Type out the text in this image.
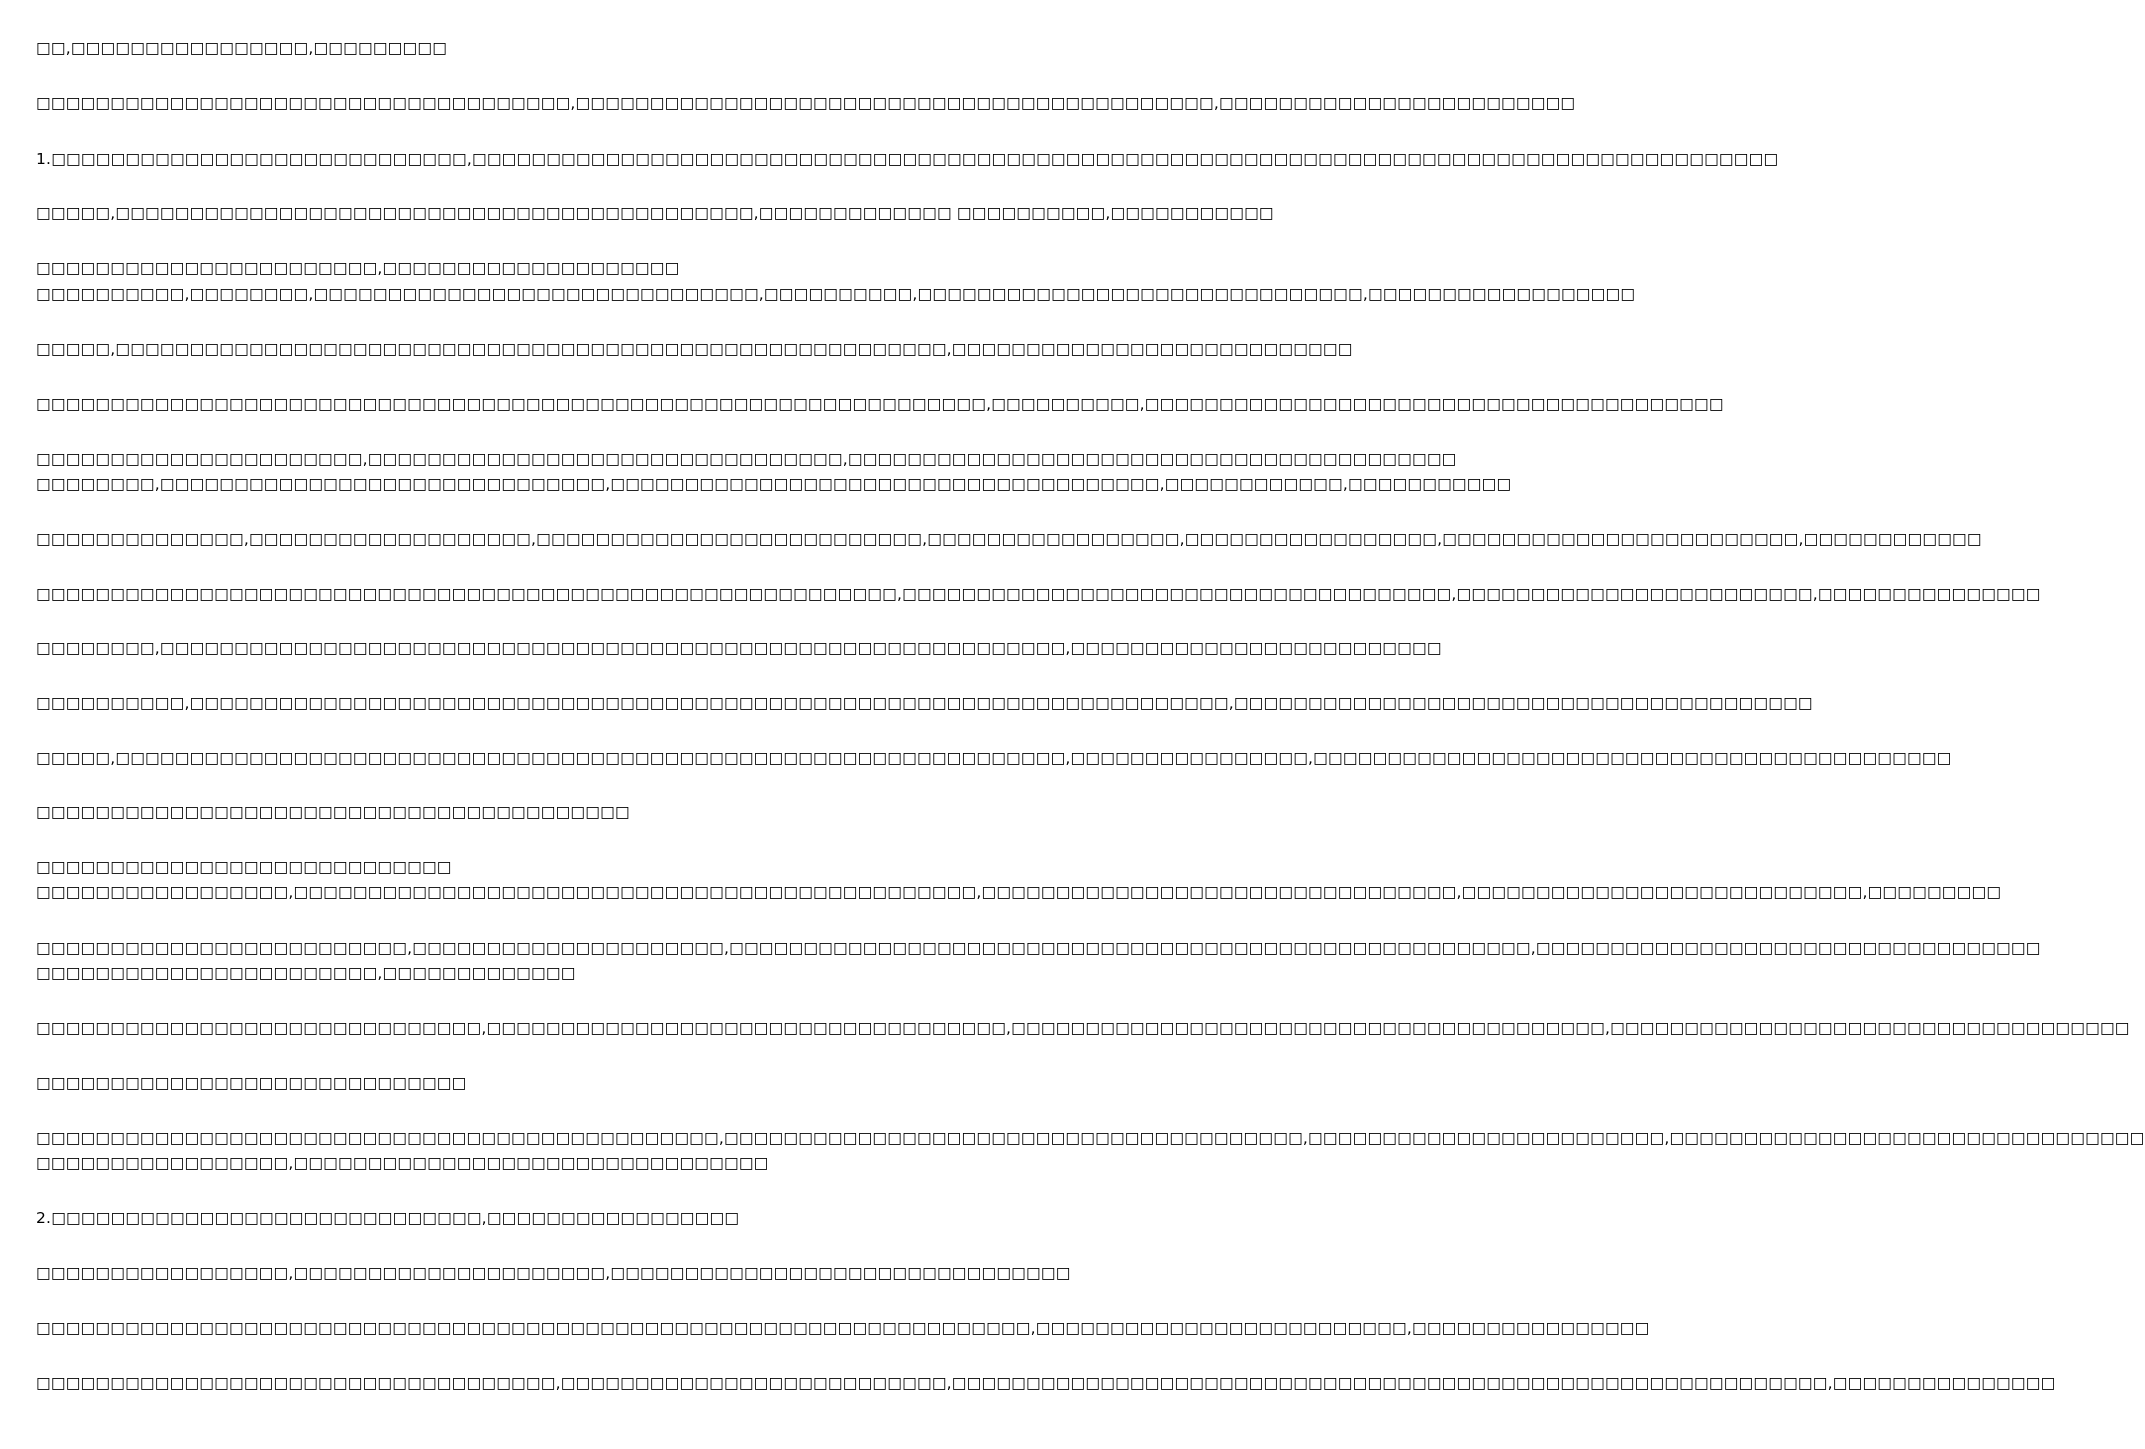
□□,□□□□□□□□□□□□□□□□,□□□□□□□□□
□□□□□□□□□□□□□□□□□□□□□□□□□□□□□□□□□□□□,□□□□□□□□□□□□□□□□□□□□□□□□□□□□□□□□□□□□□□□□□□□,□□□□□□□□□□□□□□□□□□□□□□□□
1.□□□□□□□□□□□□□□□□□□□□□□□□□□□□,□□□□□□□□□□□□□□□□□□□□□□□□□□□□□□□□□□□□□□□□□□□□□□□□□□□□□□□□□□□□□□□□□□□□□□□□□□□□□□□□□□□□□□□□
□□□□□,□□□□□□□□□□□□□□□□□□□□□□□□□□□□□□□□□□□□□□□□□□□,□□□□□□□□□□□□□ □□□□□□□□□□,□□□□□□□□□□□
□□□□□□□□□□□□□□□□□□□□□□□,□□□□□□□□□□□□□□□□□□□□
□□□□□□□□□□,□□□□□□□□,□□□□□□□□□□□□□□□□□□□□□□□□□□□□□□,□□□□□□□□□□,□□□□□□□□□□□□□□□□□□□□□□□□□□□□□□,□□□□□□□□□□□□□□□□□□
□□□□□,□□□□□□□□□□□□□□□□□□□□□□□□□□□□□□□□□□□□□□□□□□□□□□□□□□□□□□□□,□□□□□□□□□□□□□□□□□□□□□□□□□□□
□□□□□□□□□□□□□□□□□□□□□□□□□□□□□□□□□□□□□□□□□□□□□□□□□□□□□□□□□□□□□□□□,□□□□□□□□□□,□□□□□□□□□□□□□□□□□□□□□□□□□□□□□□□□□□□□□□□
□□□□□□□□□□□□□□□□□□□□□□,□□□□□□□□□□□□□□□□□□□□□□□□□□□□□□□□,□□□□□□□□□□□□□□□□□□□□□□□□□□□□□□□□□□□□□□□□□
□□□□□□□□,□□□□□□□□□□□□□□□□□□□□□□□□□□□□□□,□□□□□□□□□□□□□□□□□□□□□□□□□□□□□□□□□□□□□,□□□□□□□□□□□□,□□□□□□□□□□□
□□□□□□□□□□□□□□,□□□□□□□□□□□□□□□□□□□,□□□□□□□□□□□□□□□□□□□□□□□□□□,□□□□□□□□□□□□□□□□□,□□□□□□□□□□□□□□□□□,□□□□□□□□□□□□□□□□□□□□□□□□,□□□□□□□□□□□□
□□□□□□□□□□□□□□□□□□□□□□□□□□□□□□□□□□□□□□□□□□□□□□□□□□□□□□□□□□,□□□□□□□□□□□□□□□□□□□□□□□□□□□□□□□□□□□□□,□□□□□□□□□□□□□□□□□□□□□□□□,□□□□□□□□□□□□□□□
□□□□□□□□,□□□□□□□□□□□□□□□□□□□□□□□□□□□□□□□□□□□□□□□□□□□□□□□□□□□□□□□□□□□□□,□□□□□□□□□□□□□□□□□□□□□□□□□
□□□□□□□□□□,□□□□□□□□□□□□□□□□□□□□□□□□□□□□□□□□□□□□□□□□□□□□□□□□□□□□□□□□□□□□□□□□□□□□□□,□□□□□□□□□□□□□□□□□□□□□□□□□□□□□□□□□□□□□□□
□□□□□,□□□□□□□□□□□□□□□□□□□□□□□□□□□□□□□□□□□□□□□□□□□□□□□□□□□□□□□□□□□□□□□□,□□□□□□□□□□□□□□□□,□□□□□□□□□□□□□□□□□□□□□□□□□□□□□□□□□□□□□□□□□□□
□□□□□□□□□□□□□□□□□□□□□□□□□□□□□□□□□□□□□□□□
□□□□□□□□□□□□□□□□□□□□□□□□□□□□
□□□□□□□□□□□□□□□□□,□□□□□□□□□□□□□□□□□□□□□□□□□□□□□□□□□□□□□□□□□□□□□□,□□□□□□□□□□□□□□□□□□□□□□□□□□□□□□□□,□□□□□□□□□□□□□□□□□□□□□□□□□□□,□□□□□□□□□
□□□□□□□□□□□□□□□□□□□□□□□□□,□□□□□□□□□□□□□□□□□□□□□,□□□□□□□□□□□□□□□□□□□□□□□□□□□□□□□□□□□□□□□□□□□□□□□□□□□□□□,□□□□□□□□□□□□□□□□□□□□□□□□□□□□□□□□□□
□□□□□□□□□□□□□□□□□□□□□□□,□□□□□□□□□□□□□
□□□□□□□□□□□□□□□□□□□□□□□□□□□□□□,□□□□□□□□□□□□□□□□□□□□□□□□□□□□□□□□□□□,□□□□□□□□□□□□□□□□□□□□□□□□□□□□□□□□□□□□□□□□,□□□□□□□□□□□□□□□□□□□□□□□□□□□□□□□□□□□
□□□□□□□□□□□□□□□□□□□□□□□□□□□□□
□□□□□□□□□□□□□□□□□□□□□□□□□□□□□□□□□□□□□□□□□□□□□□,□□□□□□□□□□□□□□□□□□□□□□□□□□□□□□□□□□□□□□□,□□□□□□□□□□□□□□□□□□□□□□□□,□□□□□□□□□□□□□□□□□□□□□□□□□□□□□□□□
□□□□□□□□□□□□□□□□□,□□□□□□□□□□□□□□□□□□□□□□□□□□□□□□□□
2.□□□□□□□□□□□□□□□□□□□□□□□□□□□□□,□□□□□□□□□□□□□□□□□
□□□□□□□□□□□□□□□□□,□□□□□□□□□□□□□□□□□□□□□,□□□□□□□□□□□□□□□□□□□□□□□□□□□□□□□
□□□□□□□□□□□□□□□□□□□□□□□□□□□□□□□□□□□□□□□□□□□□□□□□□□□□□□□□□□□□□□□□□□□,□□□□□□□□□□□□□□□□□□□□□□□□□,□□□□□□□□□□□□□□□□
□□□□□□□□□□□□□□□□□□□□□□□□□□□□□□□□□□□,□□□□□□□□□□□□□□□□□□□□□□□□□□,□□□□□□□□□□□□□□□□□□□□□□□□□□□□□□□□□□□□□□□□□□□□□□□□□□□□□□□□□□□,□□□□□□□□□□□□□□□
